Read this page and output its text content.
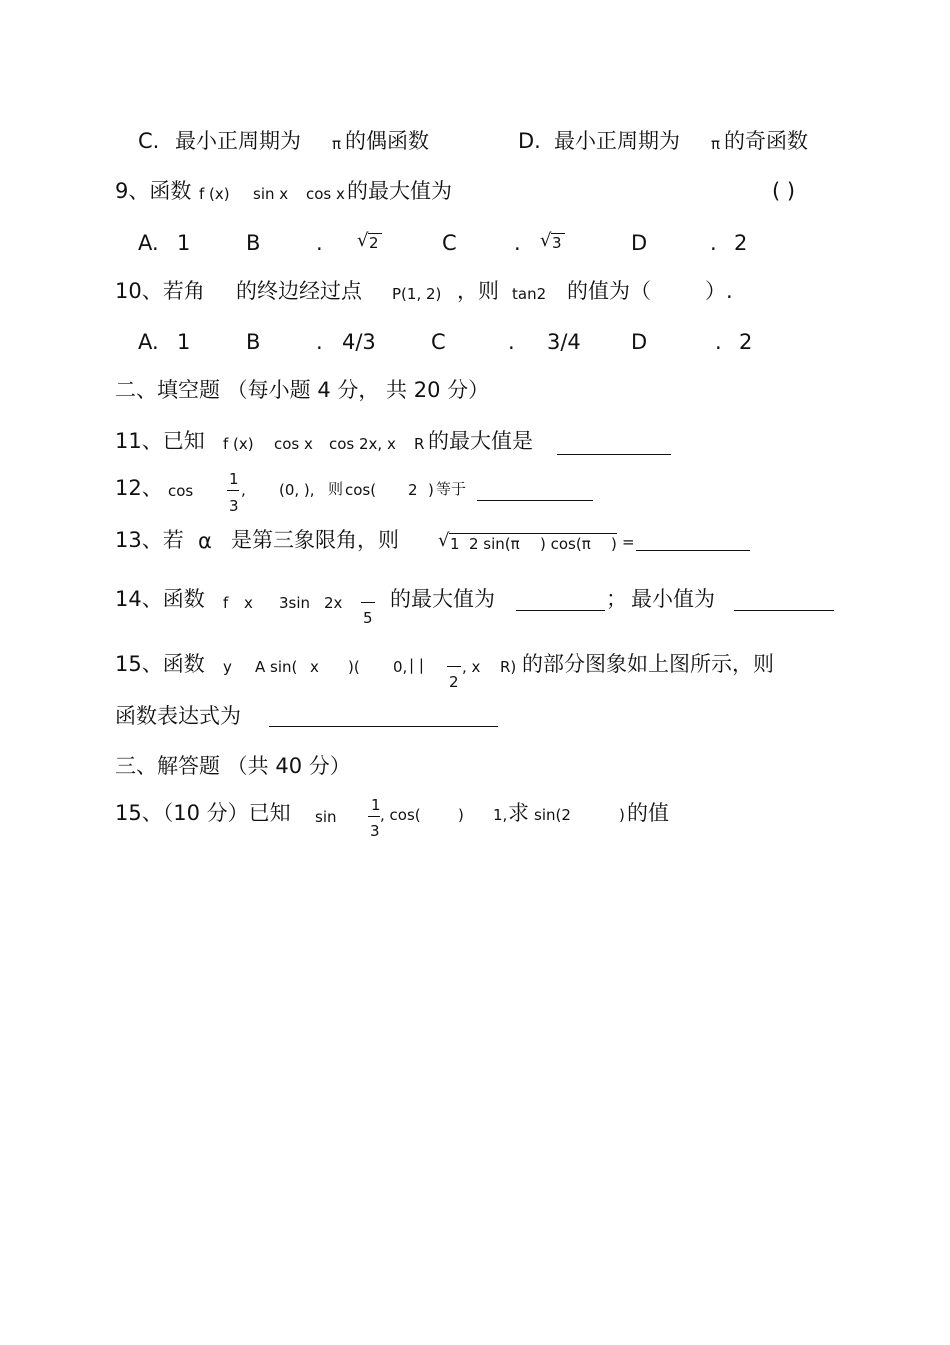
C. 最小正周期为 π 的偶函数	D. 最小正周期为 π 的奇函数
9、函数 f (x) sin x cos x 的最大值为	( )
A. 1	B	. √ 2	C	. √ 3	D	. 2
10、若角 的终边经过点 P(1, 2) ，则 tan2 的值为（	）.
A. 1	B	. 4/3	C	. 3/4 D	. 2
二、填空题 （每小题 4 分， 共 20 分）
11、已知 f (x) cos x cos 2x, x R 的最大值是
12、 cos
1
3
, (0, ), 则 cos( 2 ) 等于
13、若 α 是第三象限角，则 √ 1 2 sin(π ) cos(π ) =
14、函数 f x 3sin 2x
5
的最大值为	； 最小值为
15、函数 y A sin( x )( 0, | |
2
, x R) 的部分图象如上图所示，则
函数表达式为
三、解答题 （共 40 分）
15、（10 分）已知 sin
1
3
, cos( ) 1, 求 sin(2	) 的值
